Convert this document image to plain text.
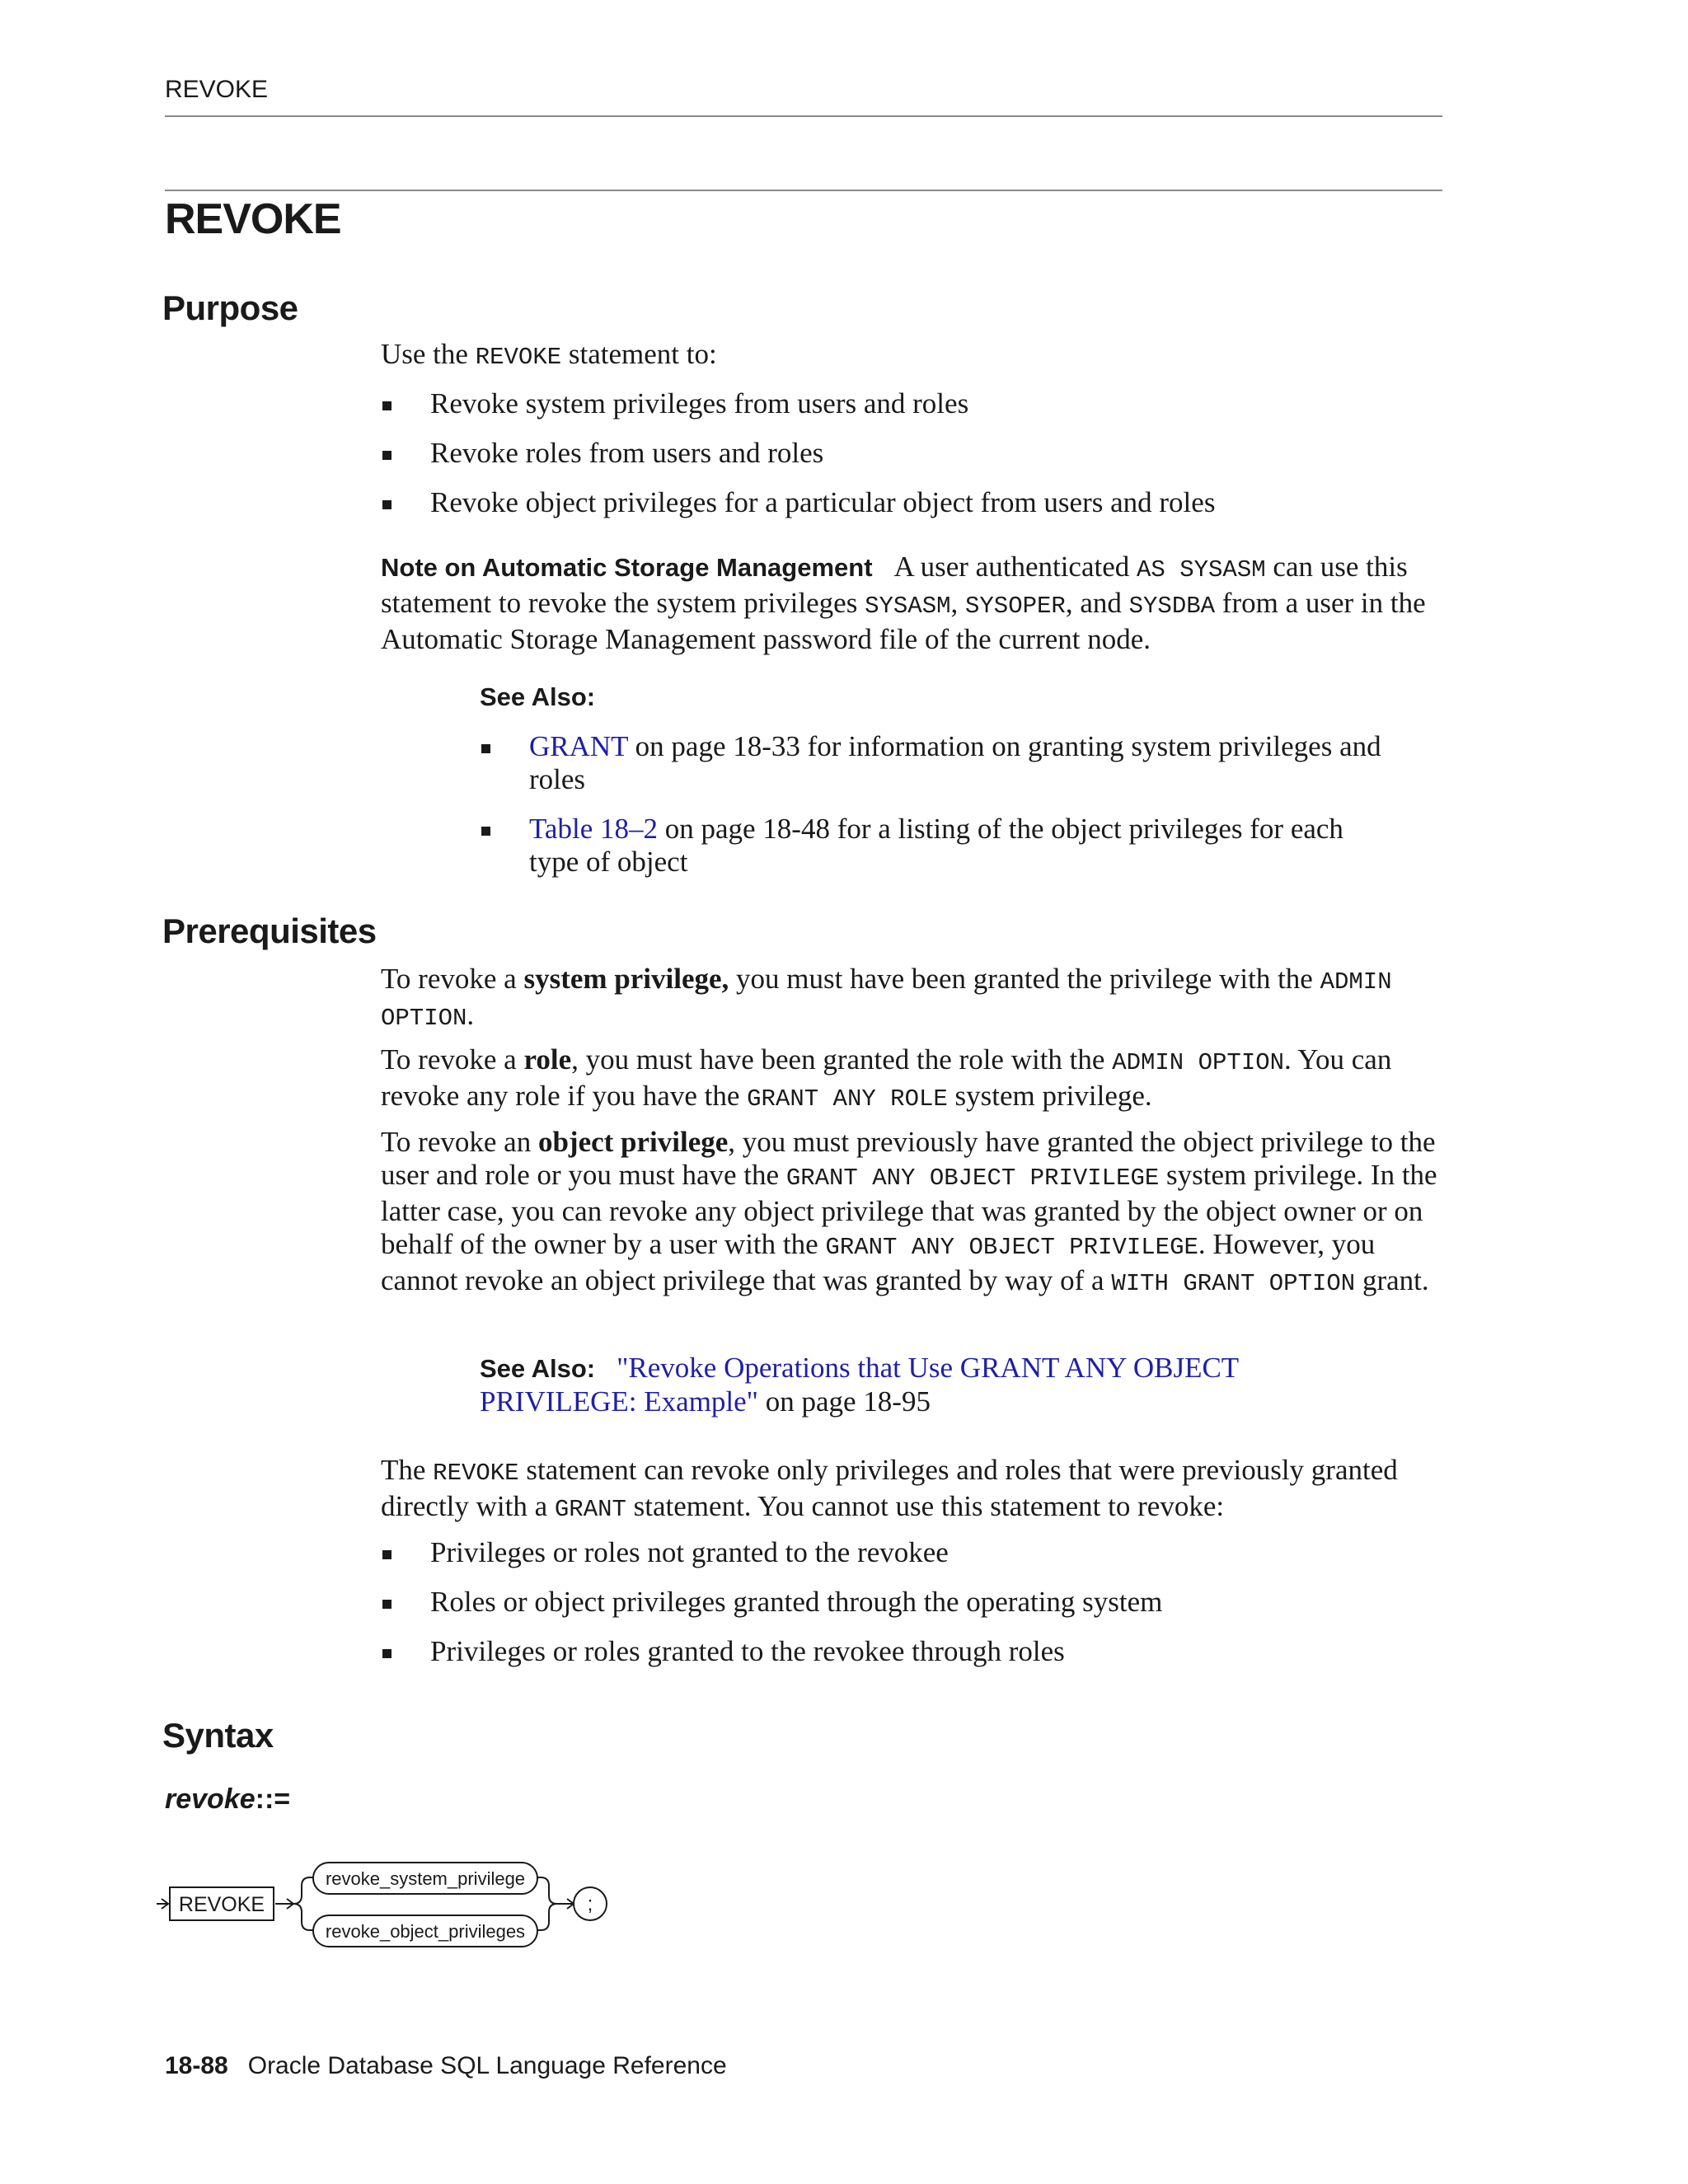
REVOKE
REVOKE
Purpose

Use the REVOKE statement to:

Revoke system privileges from users and roles
Revoke roles from users and roles
Revoke object privileges for a particular object from users and roles

Note on Automatic Storage Management A user authenticated AS SYSASM can use this statement to revoke the system privileges SYSASM, SYSOPER, and SYSDBA from a user in the Automatic Storage Management password file of the current node.

See Also:
GRANT on page 18-33 for information on granting system privileges and roles
Table 18–2 on page 18-48 for a listing of the object privileges for each type of object
Prerequisites

To revoke a system privilege, you must have been granted the privilege with the ADMIN OPTION.

To revoke a role, you must have been granted the role with the ADMIN OPTION. You can revoke any role if you have the GRANT ANY ROLE system privilege.

To revoke an object privilege, you must previously have granted the object privilege to the user and role or you must have the GRANT ANY OBJECT PRIVILEGE system privilege. In the latter case, you can revoke any object privilege that was granted by the object owner or on behalf of the owner by a user with the GRANT ANY OBJECT PRIVILEGE. However, you cannot revoke an object privilege that was granted by way of a WITH GRANT OPTION grant.

See Also: "Revoke Operations that Use GRANT ANY OBJECT PRIVILEGE: Example" on page 18-95

The REVOKE statement can revoke only privileges and roles that were previously granted directly with a GRANT statement. You cannot use this statement to revoke:

Privileges or roles not granted to the revokee
Roles or object privileges granted through the operating system
Privileges or roles granted to the revokee through roles
Syntax
revoke::=
REVOKE
revoke_system_privilege
revoke_object_privileges
;
18-88 Oracle Database SQL Language Reference
